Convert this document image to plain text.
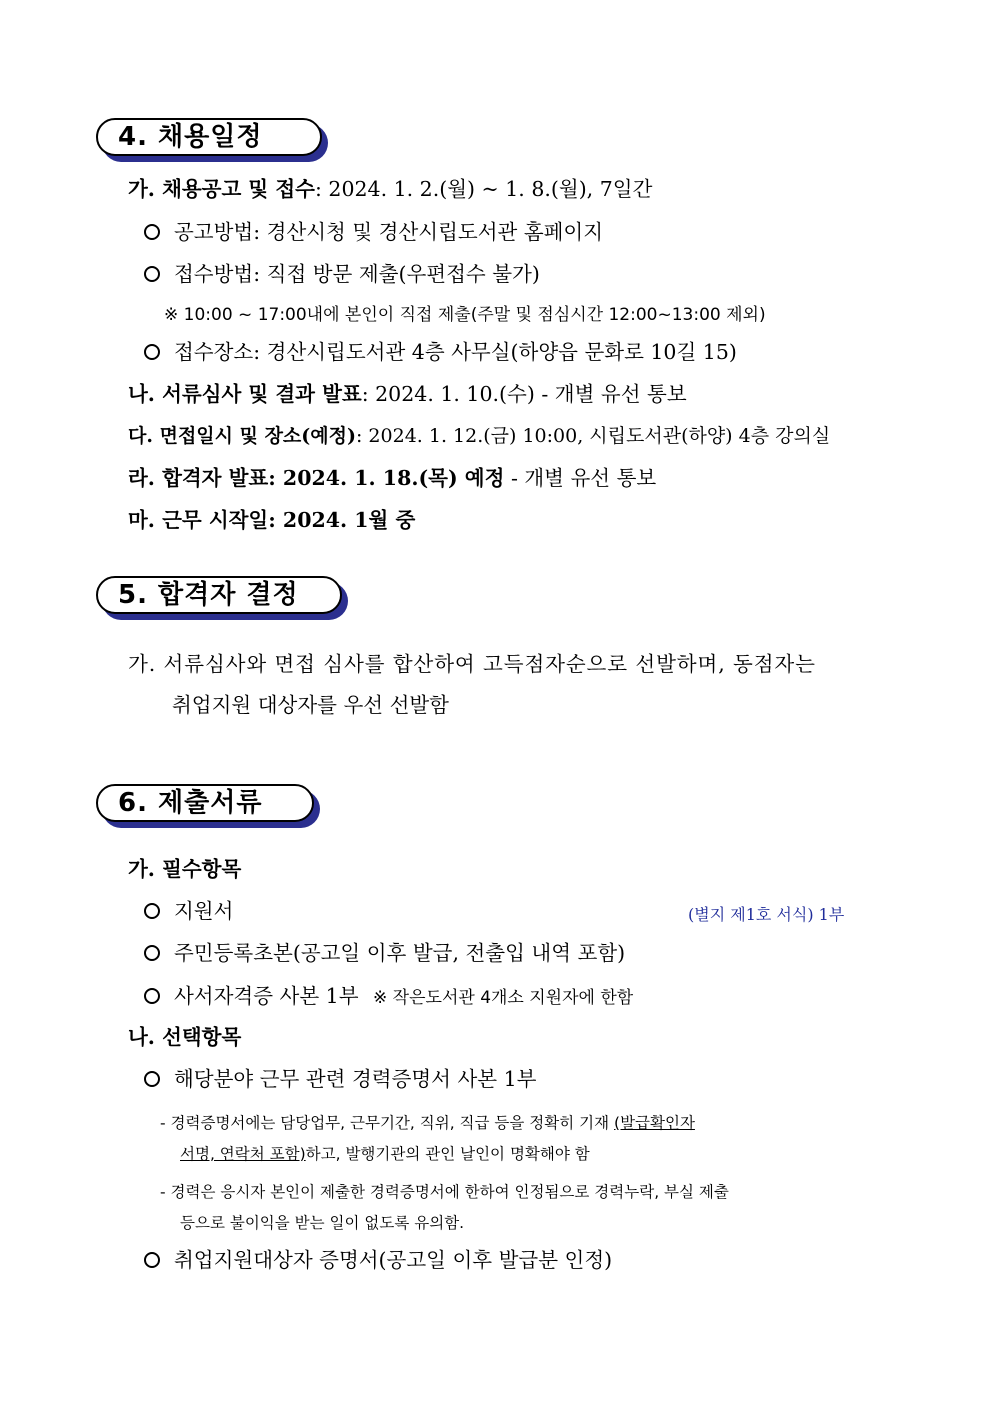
4. 채용일정
가. 채용공고 및 접수: 2024. 1. 2.(월) ~ 1. 8.(월), 7일간
공고방법: 경산시청 및 경산시립도서관 홈페이지
접수방법: 직접 방문 제출(우편접수 불가)
※ 10:00 ~ 17:00내에 본인이 직접 제출(주말 및 점심시간 12:00~13:00 제외)
접수장소: 경산시립도서관 4층 사무실(하양읍 문화로 10길 15)
나. 서류심사 및 결과 발표: 2024. 1. 10.(수) - 개별 유선 통보
다. 면접일시 및 장소(예정): 2024. 1. 12.(금) 10:00, 시립도서관(하양) 4층 강의실
라. 합격자 발표: 2024. 1. 18.(목) 예정 - 개별 유선 통보
마. 근무 시작일: 2024. 1월 중
5. 합격자 결정
가. 서류심사와 면접 심사를 합산하여 고득점자순으로 선발하며, 동점자는
취업지원 대상자를 우선 선발함
6. 제출서류
가. 필수항목
지원서	(별지 제1호 서식) 1부
주민등록초본(공고일 이후 발급, 전출입 내역 포함)
사서자격증 사본 1부 ※ 작은도서관 4개소 지원자에 한함
나. 선택항목
해당분야 근무 관련 경력증명서 사본 1부
- 경력증명서에는 담당업무, 근무기간, 직위, 직급 등을 정확히 기재 (발급확인자
서명, 연락처 포함)하고, 발행기관의 관인 날인이 명확해야 함
- 경력은 응시자 본인이 제출한 경력증명서에 한하여 인정됨으로 경력누락, 부실 제출
등으로 불이익을 받는 일이 없도록 유의함.
취업지원대상자 증명서(공고일 이후 발급분 인정)
